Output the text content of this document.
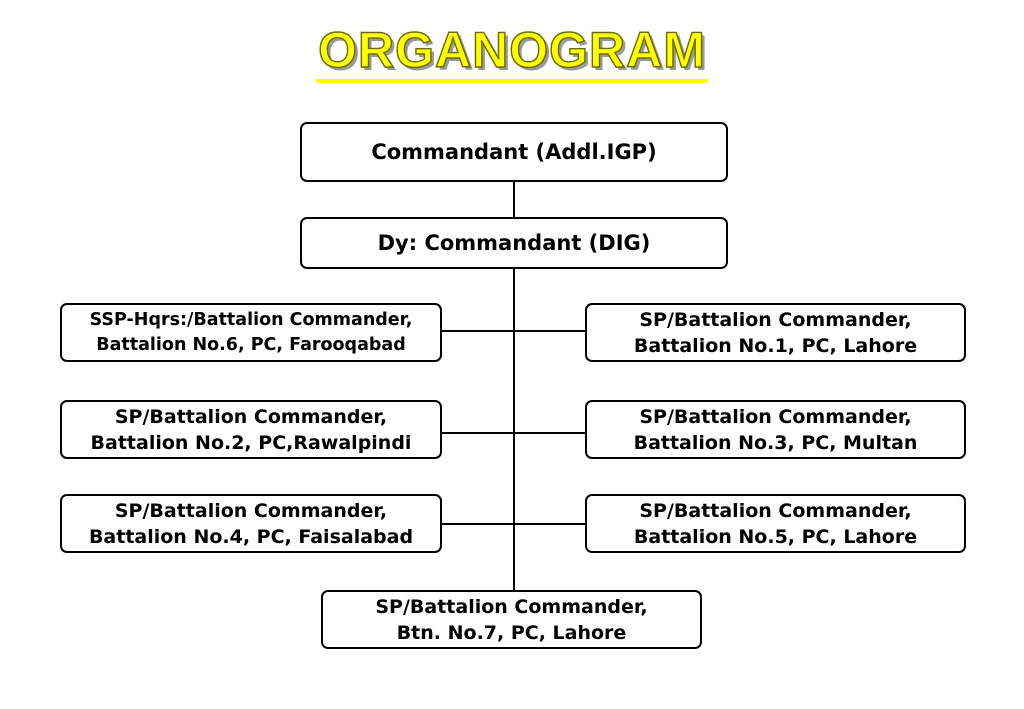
ORGANOGRAM
Commandant (Addl.IGP)
Dy: Commandant (DIG)
SSP-Hqrs:/Battalion Commander,
Battalion No.6, PC, Farooqabad
SP/Battalion Commander,
Battalion No.1, PC, Lahore
SP/Battalion Commander,
Battalion No.2, PC,Rawalpindi
SP/Battalion Commander,
Battalion No.3, PC, Multan
SP/Battalion Commander,
Battalion No.4, PC, Faisalabad
SP/Battalion Commander,
Battalion No.5, PC, Lahore
SP/Battalion Commander,
Btn. No.7, PC, Lahore
